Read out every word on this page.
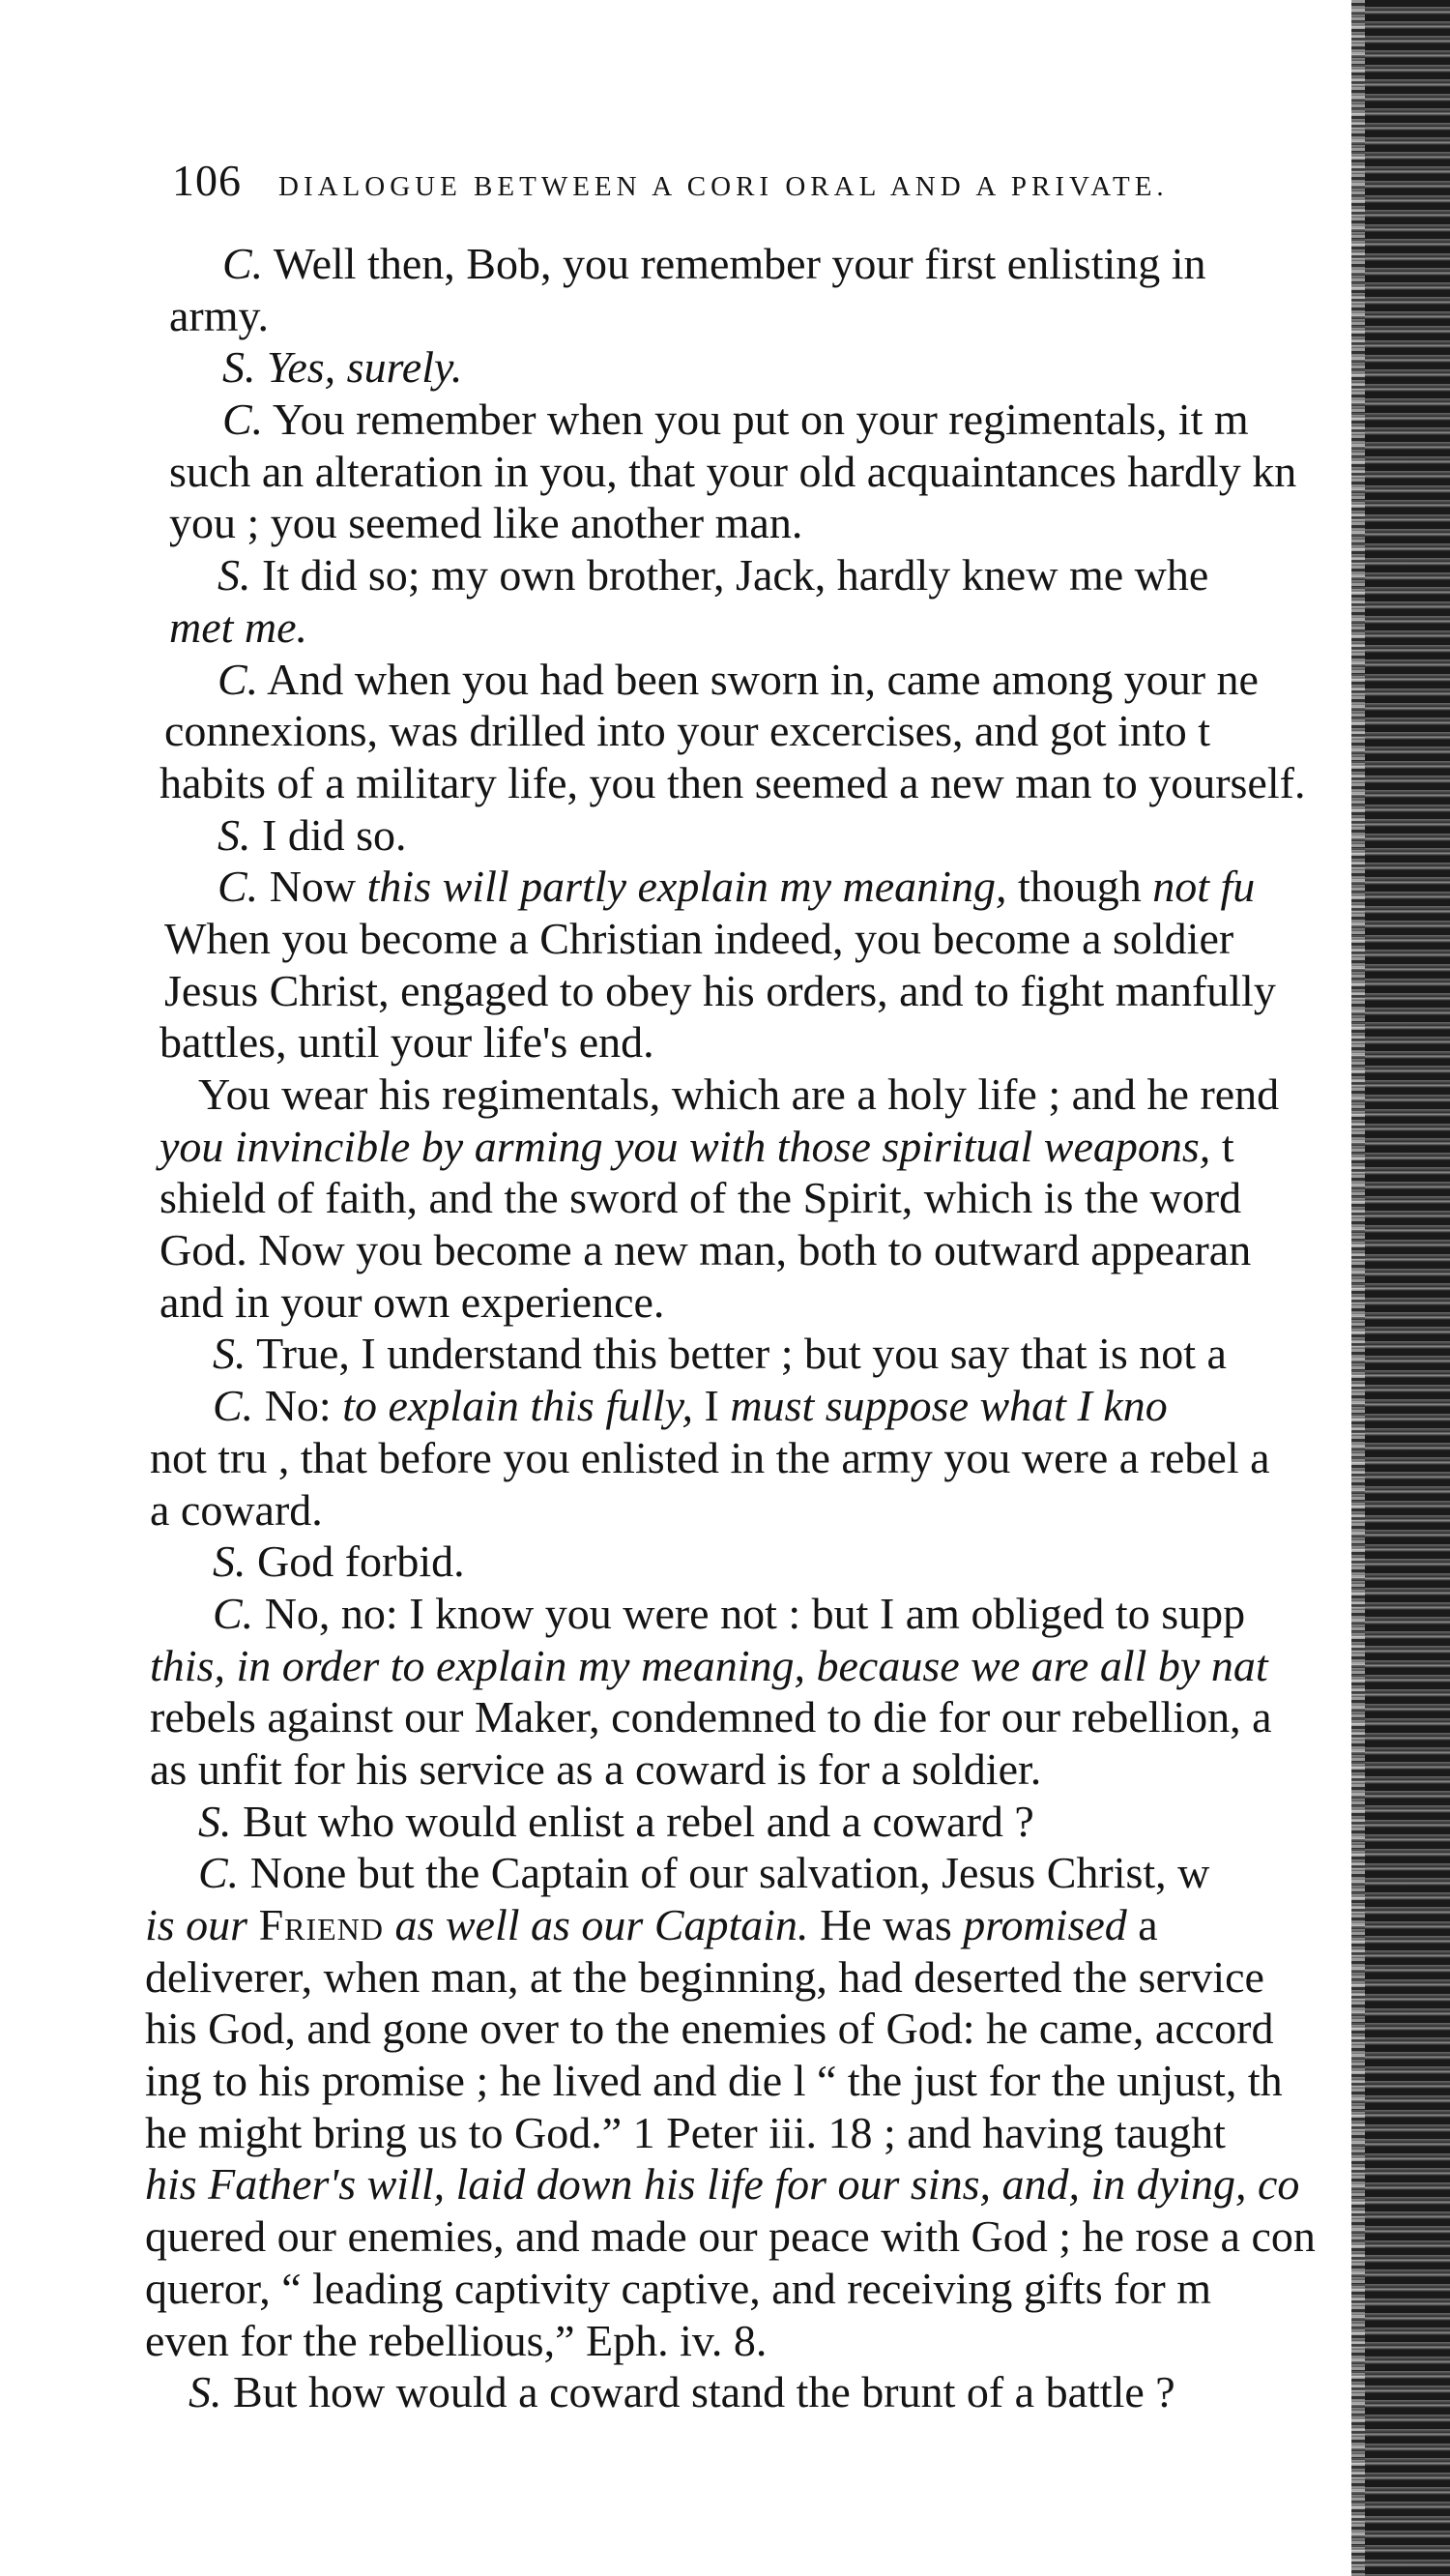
106 DIALOGUE BETWEEN A CORI ORAL AND A PRIVATE.
C. Well then, Bob, you remember your first enlisting in
army.
S. Yes, surely.
C. You remember when you put on your regimentals, it m
such an alteration in you, that your old acquaintances hardly kn
you ; you seemed like another man.
S. It did so; my own brother, Jack, hardly knew me whe
met me.
C. And when you had been sworn in, came among your ne
connexions, was drilled into your excercises, and got into t
habits of a military life, you then seemed a new man to yourself.
S. I did so.
C. Now this will partly explain my meaning, though not fu
When you become a Christian indeed, you become a soldier
Jesus Christ, engaged to obey his orders, and to fight manfully
battles, until your life's end.
You wear his regimentals, which are a holy life ; and he rend
you invincible by arming you with those spiritual weapons, t
shield of faith, and the sword of the Spirit, which is the word
God. Now you become a new man, both to outward appearan
and in your own experience.
S. True, I understand this better ; but you say that is not a
C. No: to explain this fully, I must suppose what I kno
not tru , that before you enlisted in the army you were a rebel a
a coward.
S. God forbid.
C. No, no: I know you were not : but I am obliged to supp
this, in order to explain my meaning, because we are all by nat
rebels against our Maker, condemned to die for our rebellion, a
as unfit for his service as a coward is for a soldier.
S. But who would enlist a rebel and a coward ?
C. None but the Captain of our salvation, Jesus Christ, w
is our Friend as well as our Captain. He was promised a
deliverer, when man, at the beginning, had deserted the service
his God, and gone over to the enemies of God: he came, accord
ing to his promise ; he lived and die l “ the just for the unjust, th
he might bring us to God.” 1 Peter iii. 18 ; and having taught
his Father's will, laid down his life for our sins, and, in dying, co
quered our enemies, and made our peace with God ; he rose a con
queror, “ leading captivity captive, and receiving gifts for m
even for the rebellious,” Eph. iv. 8.
S. But how would a coward stand the brunt of a battle ?
